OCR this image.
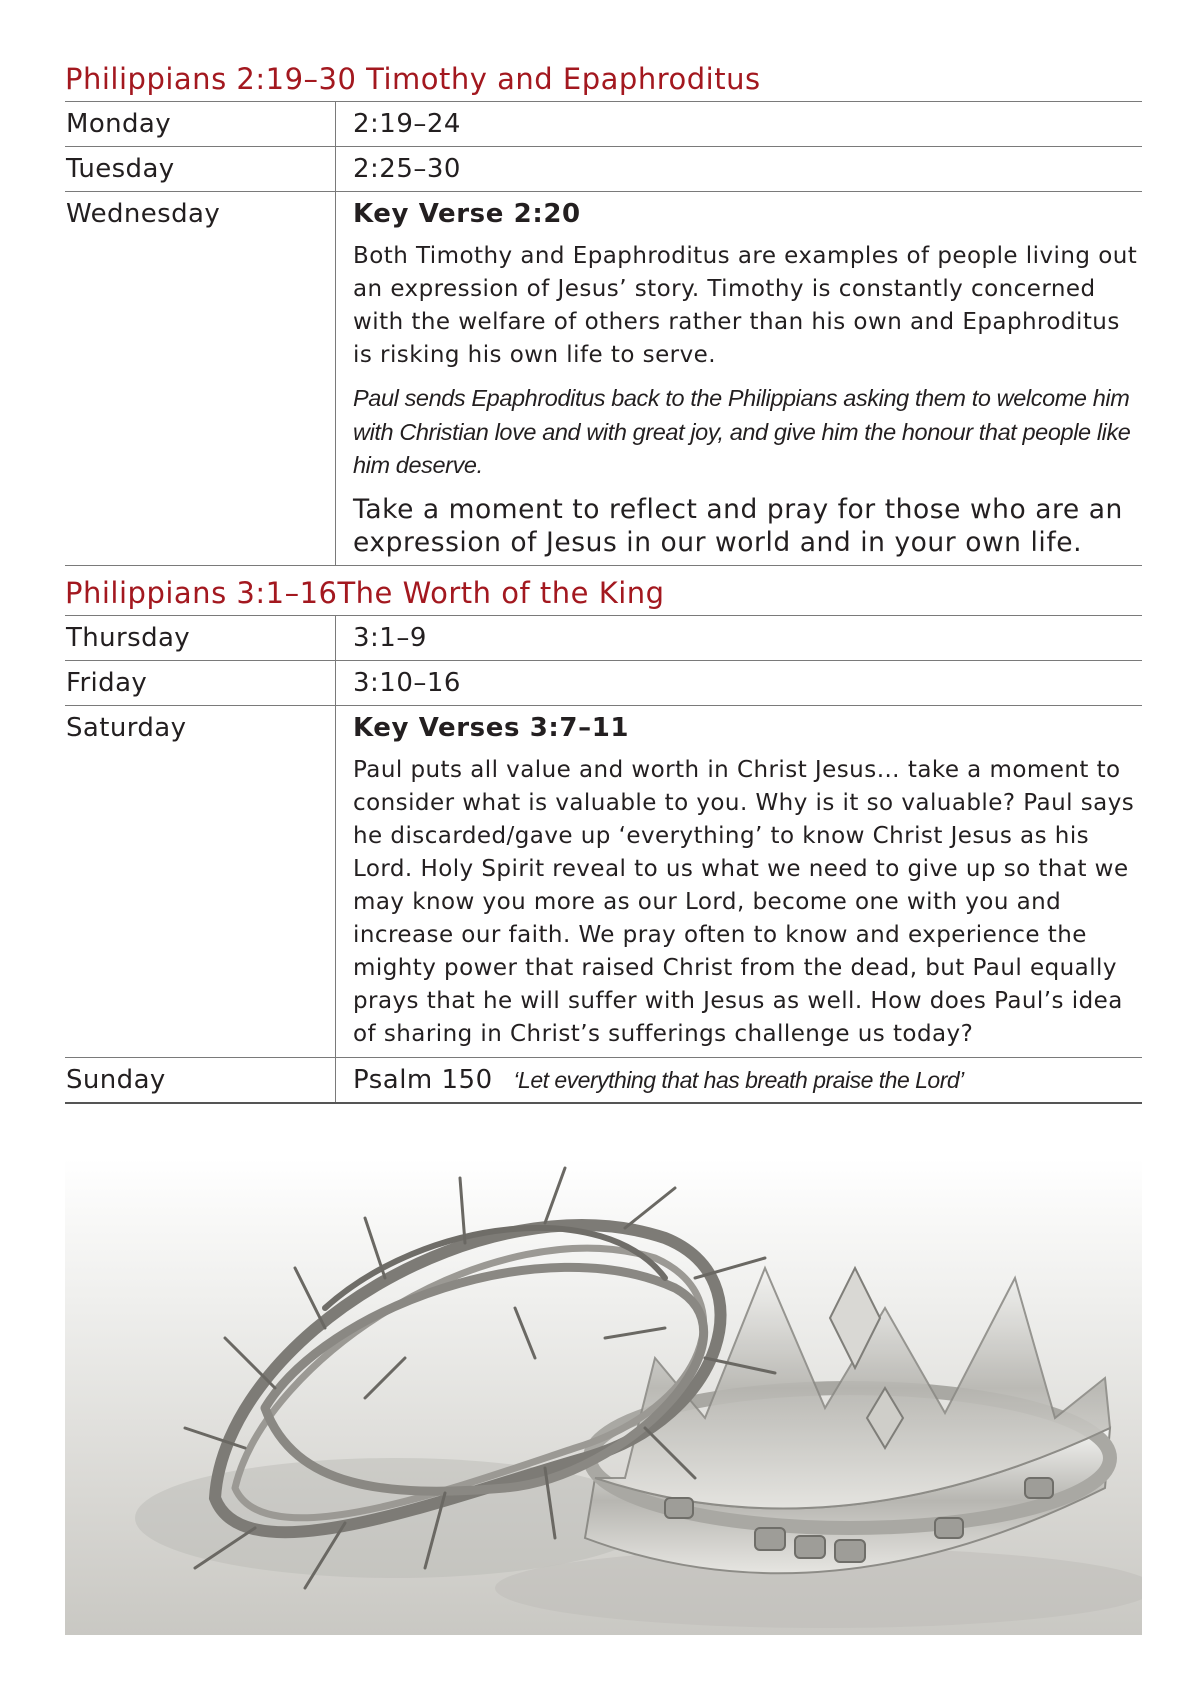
Philippians 2:19–30 Timothy and Epaphroditus
Monday	2:19–24
Tuesday	2:25–30
Wednesday	Key Verse 2:20

Both Timothy and Epaphroditus are examples of people living out an expression of Jesus’ story. Timothy is constantly concerned with the welfare of others rather than his own and Epaphroditus is risking his own life to serve.

Paul sends Epaphroditus back to the Philippians asking them to welcome him with Christian love and with great joy, and give him the honour that people like him deserve.

Take a moment to reflect and pray for those who are an expression of Jesus in our world and in your own life.

Philippians 3:1–16The Worth of the King
Thursday	3:1–9
Friday	3:10–16
Saturday	Key Verses 3:7–11

Paul puts all value and worth in Christ Jesus… take a moment to consider what is valuable to you. Why is it so valuable? Paul says he discarded/gave up ‘everything’ to know Christ Jesus as his Lord. Holy Spirit reveal to us what we need to give up so that we may know you more as our Lord, become one with you and increase our faith. We pray often to know and experience the mighty power that raised Christ from the dead, but Paul equally prays that he will suffer with Jesus as well. How does Paul’s idea of sharing in Christ’s sufferings challenge us today?

Sunday	Psalm 150 ‘Let everything that has breath praise the Lord’
